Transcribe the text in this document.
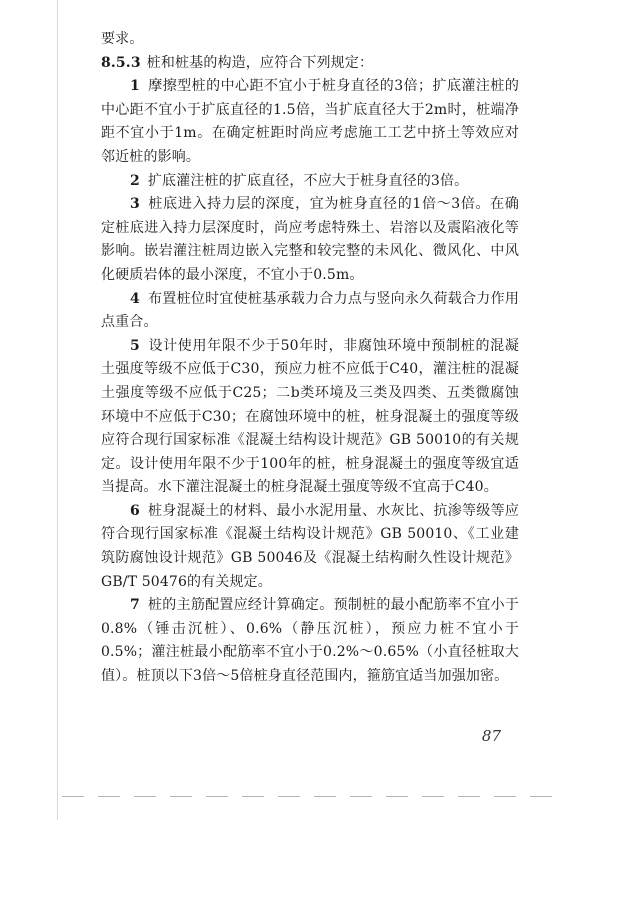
要求。

8.5.3 桩和桩基的构造，应符合下列规定：

1 摩擦型桩的中心距不宜小于桩身直径的3倍；扩底灌注桩的中心距不宜小于扩底直径的1.5倍，当扩底直径大于2m时，桩端净距不宜小于1m。在确定桩距时尚应考虑施工工艺中挤土等效应对邻近桩的影响。

2 扩底灌注桩的扩底直径，不应大于桩身直径的3倍。

3 桩底进入持力层的深度，宜为桩身直径的1倍～3倍。在确定桩底进入持力层深度时，尚应考虑特殊土、岩溶以及震陷液化等影响。嵌岩灌注桩周边嵌入完整和较完整的未风化、微风化、中风化硬质岩体的最小深度，不宜小于0.5m。

4 布置桩位时宜使桩基承载力合力点与竖向永久荷载合力作用点重合。

5 设计使用年限不少于50年时，非腐蚀环境中预制桩的混凝土强度等级不应低于C30，预应力桩不应低于C40，灌注桩的混凝土强度等级不应低于C25；二b类环境及三类及四类、五类微腐蚀环境中不应低于C30；在腐蚀环境中的桩，桩身混凝土的强度等级应符合现行国家标准《混凝土结构设计规范》GB 50010的有关规定。设计使用年限不少于100年的桩，桩身混凝土的强度等级宜适当提高。水下灌注混凝土的桩身混凝土强度等级不宜高于C40。

6 桩身混凝土的材料、最小水泥用量、水灰比、抗渗等级等应符合现行国家标准《混凝土结构设计规范》GB 50010、《工业建筑防腐蚀设计规范》GB 50046及《混凝土结构耐久性设计规范》GB/T 50476的有关规定。

7 桩的主筋配置应经计算确定。预制桩的最小配筋率不宜小于0.8%（锤击沉桩）、0.6%（静压沉桩），预应力桩不宜小于0.5%；灌注桩最小配筋率不宜小于0.2%～0.65%（小直径桩取大值）。桩顶以下3倍～5倍桩身直径范围内，箍筋宜适当加强加密。

87
